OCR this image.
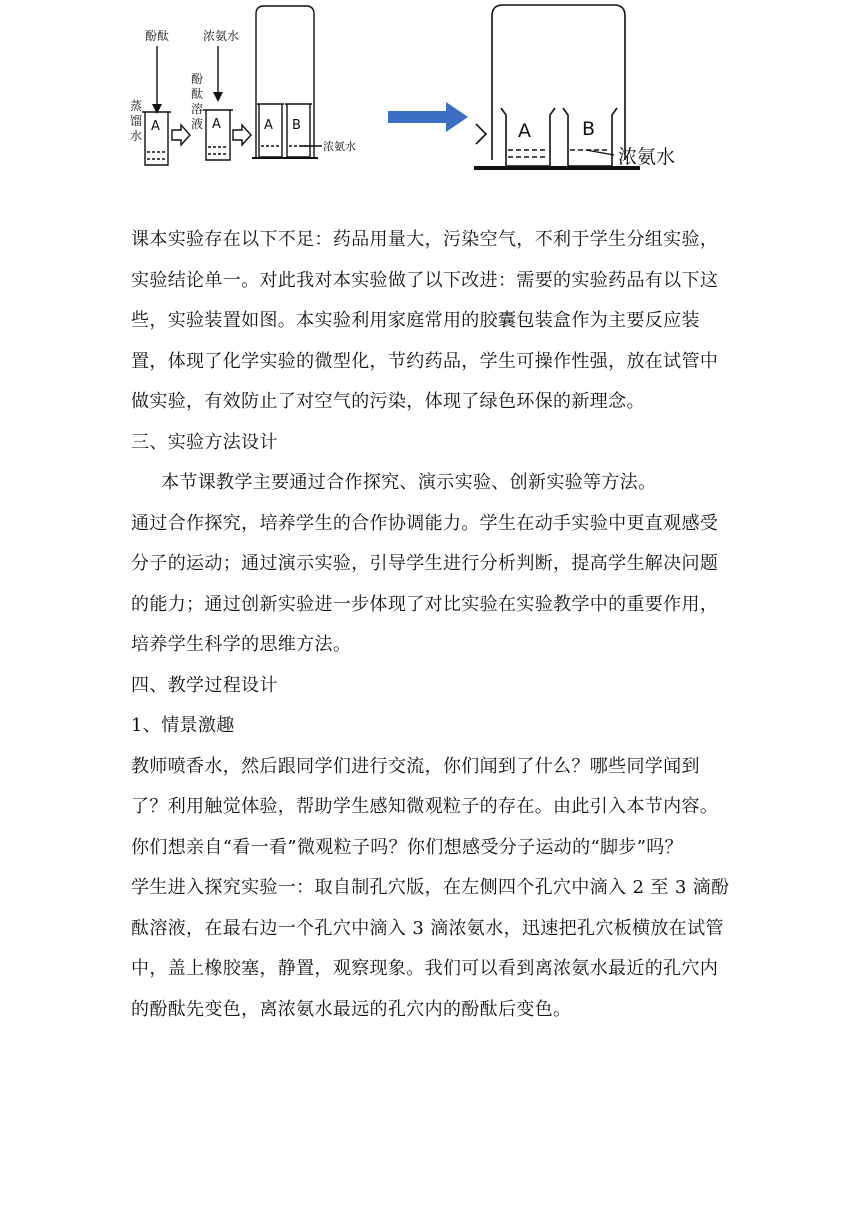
酚酞	浓氨水
蒸馏水
酚酞溶液
A	A	A B
浓氨水
A	B
浓氨水

课本实验存在以下不足：药品用量大，污染空气，不利于学生分组实验，实验结论单一。对此我对本实验做了以下改进：需要的实验药品有以下这些，实验装置如图。本实验利用家庭常用的胶囊包装盒作为主要反应装置，体现了化学实验的微型化，节约药品，学生可操作性强，放在试管中做实验，有效防止了对空气的污染，体现了绿色环保的新理念。

三、实验方法设计

本节课教学主要通过合作探究、演示实验、创新实验等方法。

通过合作探究，培养学生的合作协调能力。学生在动手实验中更直观感受分子的运动；通过演示实验，引导学生进行分析判断，提高学生解决问题的能力；通过创新实验进一步体现了对比实验在实验教学中的重要作用，培养学生科学的思维方法。

四、教学过程设计

1、情景激趣

教师喷香水，然后跟同学们进行交流，你们闻到了什么？哪些同学闻到了？利用触觉体验，帮助学生感知微观粒子的存在。由此引入本节内容。你们想亲自“看一看”微观粒子吗？你们想感受分子运动的“脚步”吗？

学生进入探究实验一：取自制孔穴版，在左侧四个孔穴中滴入 2 至 3 滴酚酞溶液，在最右边一个孔穴中滴入 3 滴浓氨水，迅速把孔穴板横放在试管中，盖上橡胶塞，静置，观察现象。我们可以看到离浓氨水最近的孔穴内的酚酞先变色，离浓氨水最远的孔穴内的酚酞后变色。
